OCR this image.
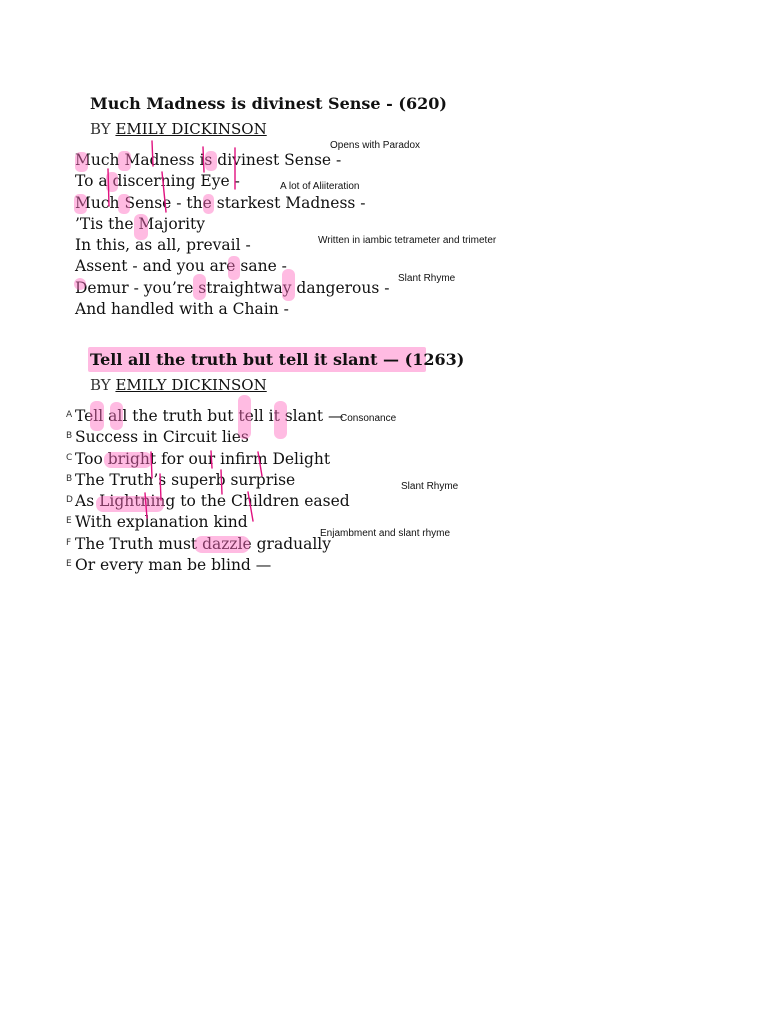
Much Madness is divinest Sense - (620)

BY EMILY DICKINSON

Much Madness is divinest Sense -
To a discerning Eye -
Much Sense - the starkest Madness -
’Tis the Majority
In this, as all, prevail -
Assent - and you are sane -
Demur - you’re straightway dangerous -
And handled with a Chain -
Tell all the truth but tell it slant — (1263)

BY EMILY DICKINSON

A Tell all the truth but tell it slant —
B Success in Circuit lies
C Too bright for our infirm Delight
B The Truth’s superb surprise
D As Lightning to the Children eased
E With explanation kind
F The Truth must dazzle gradually
E Or every man be blind —

Opens with Paradox

A lot of Aliiteration

Written in iambic tetrameter and trimeter

Slant Rhyme

Consonance

Slant Rhyme

Enjambment and slant rhyme
